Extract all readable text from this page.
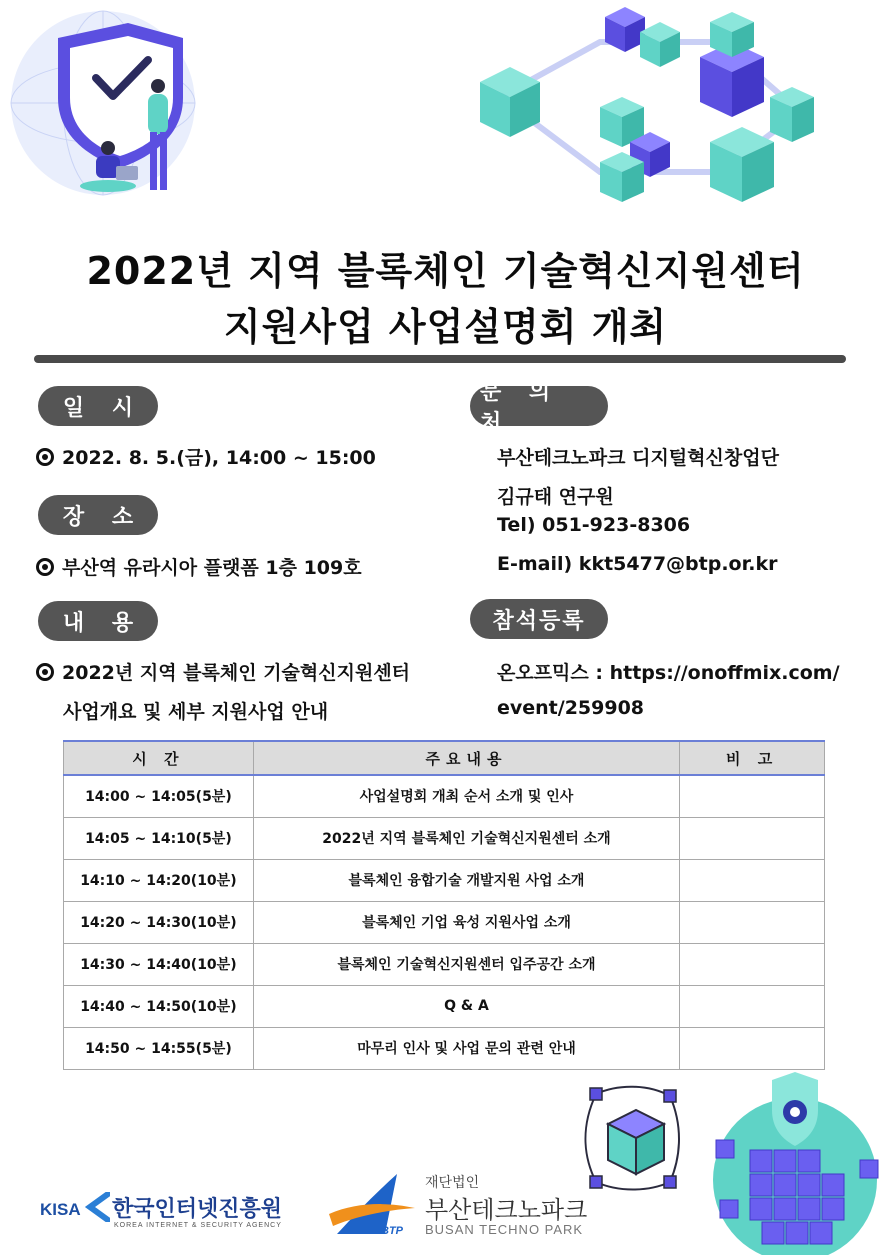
2022년 지역 블록체인 기술혁신지원센터
지원사업 사업설명회 개최
일 시
2022. 8. 5.(금), 14:00 ~ 15:00
장 소
부산역 유라시아 플랫폼 1층 109호
내 용
2022년 지역 블록체인 기술혁신지원센터
사업개요 및 세부 지원사업 안내
문 의 처
부산테크노파크 디지털혁신창업단
김규태 연구원
Tel) 051-923-8306
E-mail) kkt5477@btp.or.kr
참석등록
온오프믹스 : https://onoffmix.com/
event/259908
시 간	주요내용	비 고
14:00 ~ 14:05(5분)	사업설명회 개최 순서 소개 및 인사	
14:05 ~ 14:10(5분)	2022년 지역 블록체인 기술혁신지원센터 소개	
14:10 ~ 14:20(10분)	블록체인 융합기술 개발지원 사업 소개	
14:20 ~ 14:30(10분)	블록체인 기업 육성 지원사업 소개	
14:30 ~ 14:40(10분)	블록체인 기술혁신지원센터 입주공간 소개	
14:40 ~ 14:50(10분)	Q & A	
14:50 ~ 14:55(5분)	마무리 인사 및 사업 문의 관련 안내	
KISA 한국인터넷진흥원
KOREA INTERNET & SECURITY AGENCY	BTP
재단법인
부산테크노파크
BUSAN TECHNO PARK
